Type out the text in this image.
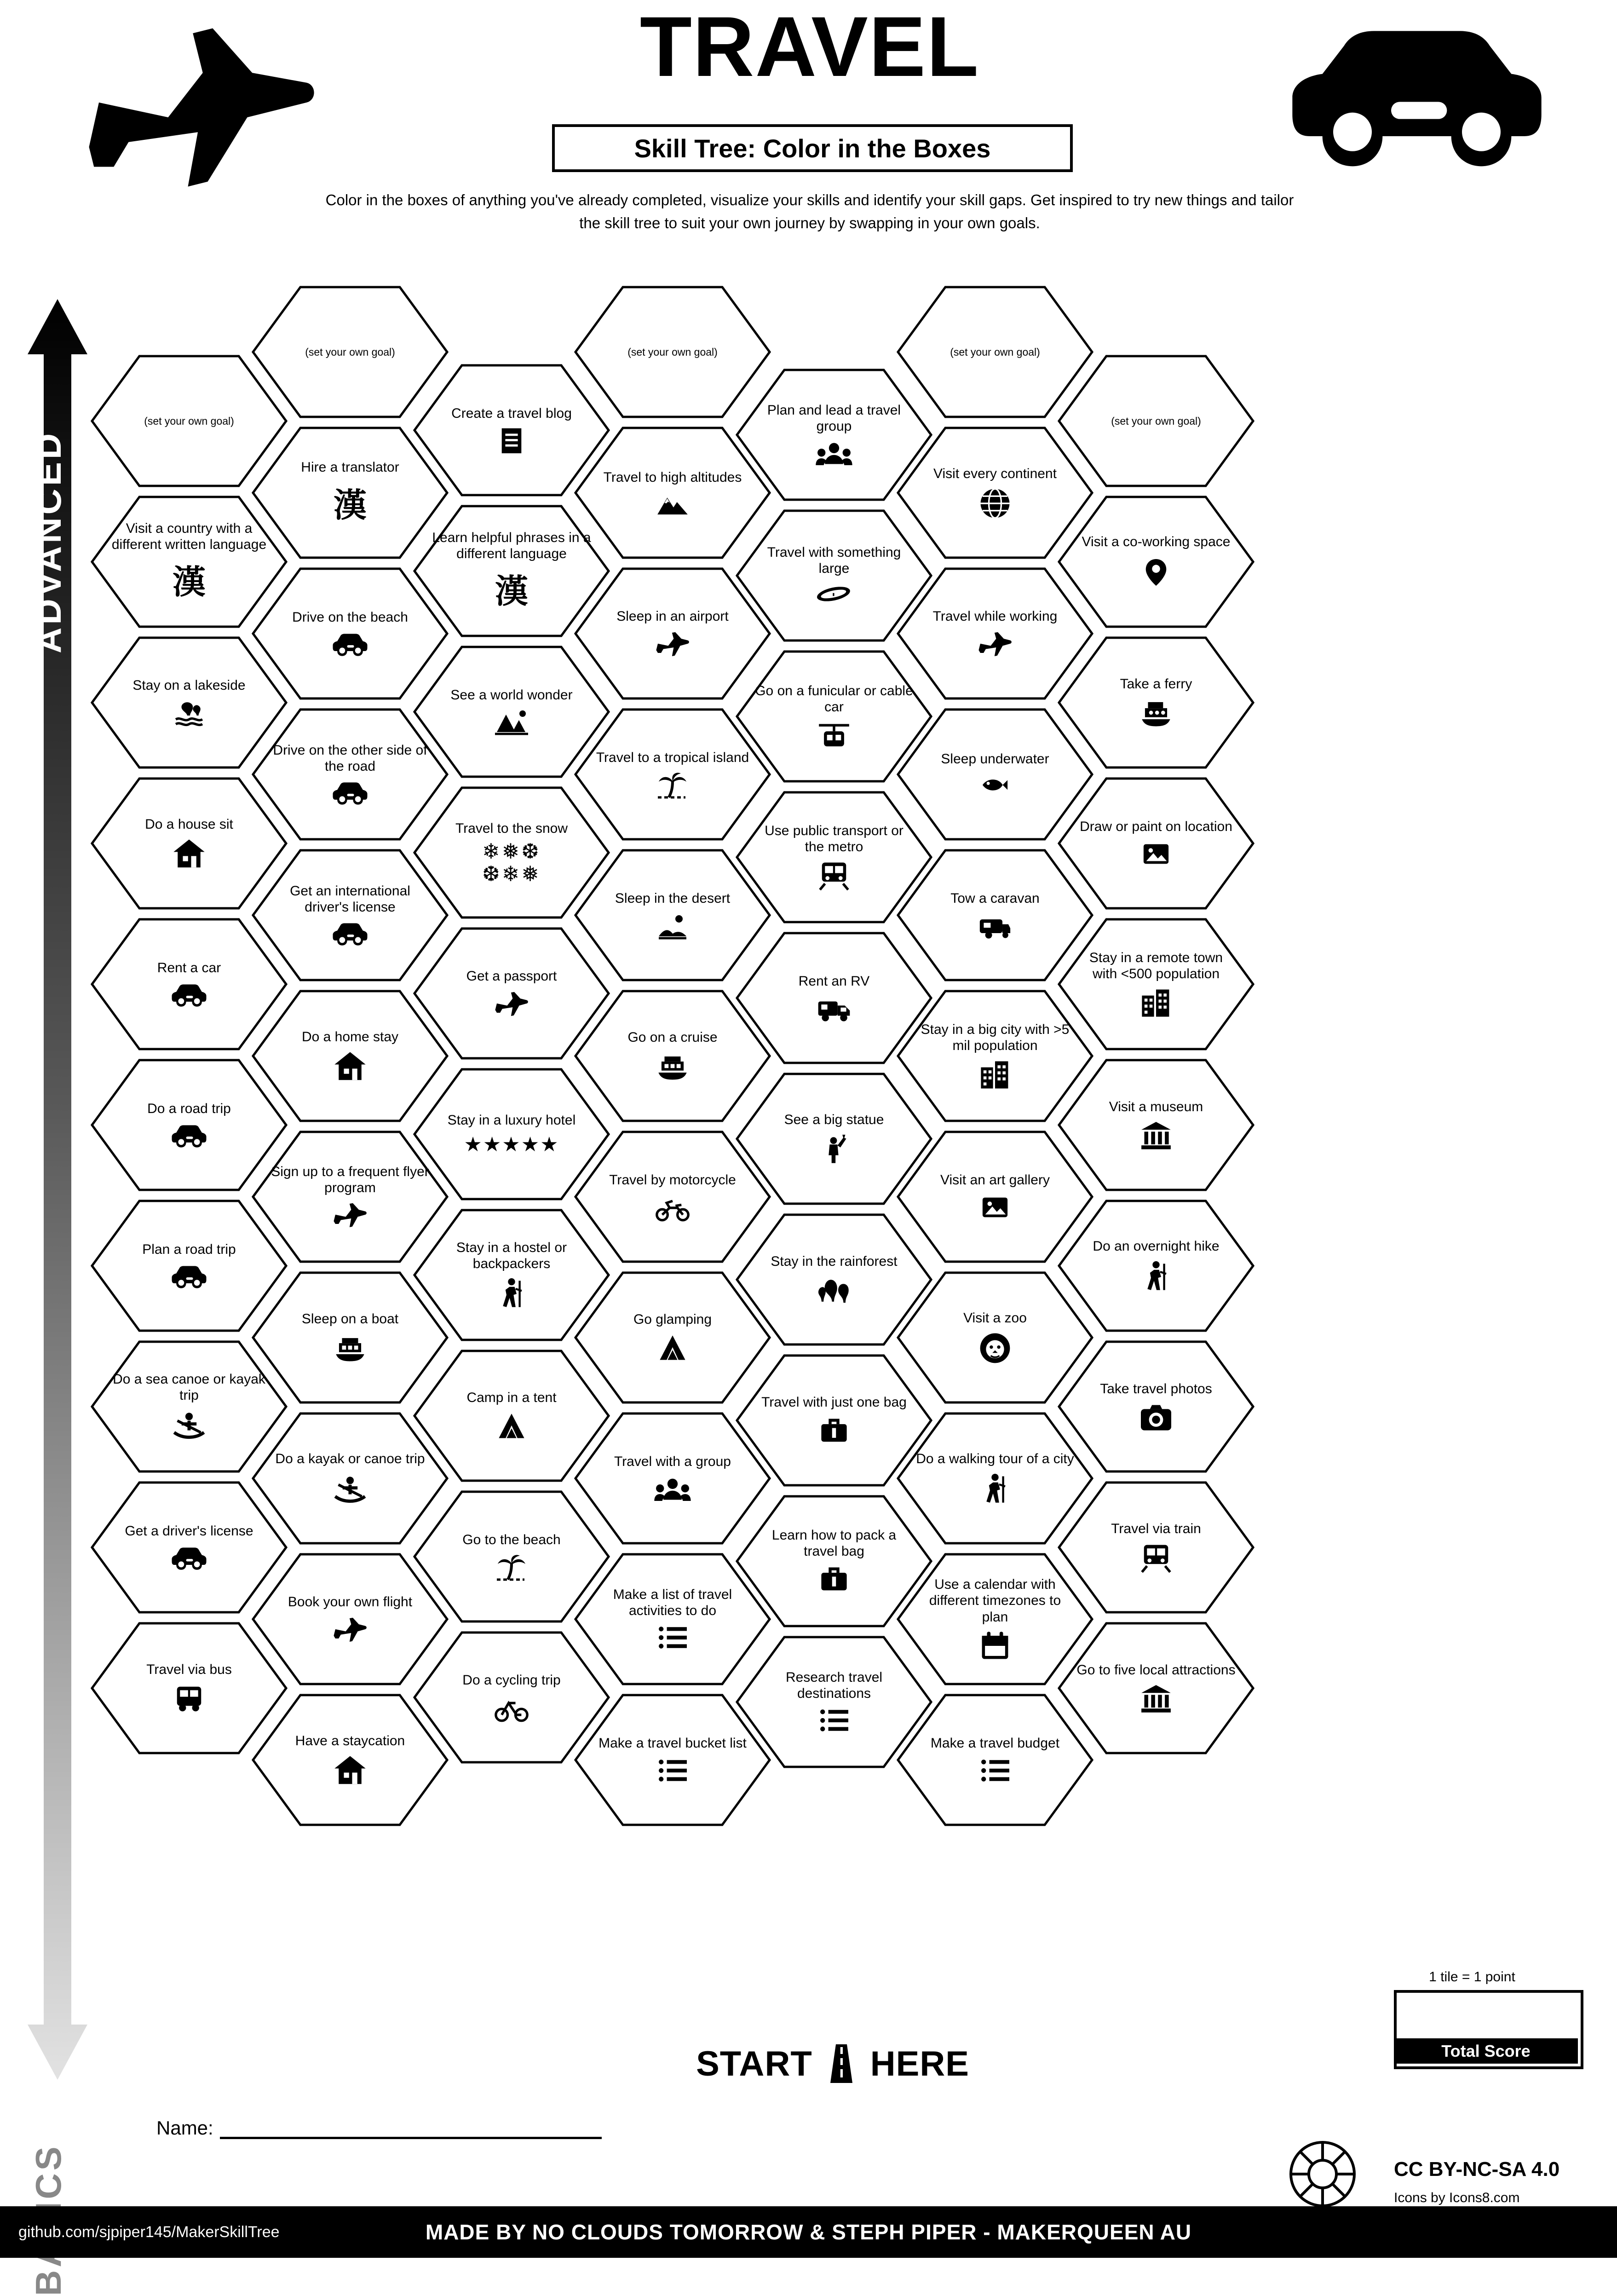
TRAVEL
Skill Tree: Color in the Boxes
Color in the boxes of anything you've already completed, visualize your skills and identify your skill gaps. Get inspired to try new things and tailor the skill tree to suit your own journey by swapping in your own goals.
ADVANCED
(set your own goal)
Visit a country with a different written language
漢
Stay on a lakeside
Do a house sit
Rent a car
Do a road trip
Plan a road trip
Do a sea canoe or kayak trip
Get a driver's license
Travel via bus
(set your own goal)
Hire a translator
漢
Drive on the beach
Drive on the other side of the road
Get an international driver's license
Do a home stay
Sign up to a frequent flyer program
Sleep on a boat
Do a kayak or canoe trip
Book your own flight
Have a staycation
Create a travel blog
Learn helpful phrases in a different language
漢
See a world wonder
Travel to the snow
❄❅❆
❆❄❅
Get a passport
Stay in a luxury hotel
★★★★★
Stay in a hostel or backpackers
Camp in a tent
Go to the beach
Do a cycling trip
(set your own goal)
Travel to high altitudes
Sleep in an airport
Travel to a tropical island
Sleep in the desert
Go on a cruise
Travel by motorcycle
Go glamping
Travel with a group
Make a list of travel activities to do
Make a travel bucket list
Plan and lead a travel group
Travel with something large
Go on a funicular or cable car
Use public transport or the metro
Rent an RV
See a big statue
Stay in the rainforest
Travel with just one bag
Learn how to pack a travel bag
Research travel destinations
(set your own goal)
Visit every continent
Travel while working
Sleep underwater
Tow a caravan
Stay in a big city with >5 mil population
Visit an art gallery
Visit a zoo
Do a walking tour of a city
Use a calendar with different timezones to plan
Make a travel budget
(set your own goal)
Visit a co-working space
Take a ferry
Draw or paint on location
Stay in a remote town with <500 population
Visit a museum
Do an overnight hike
Take travel photos
Travel via train
Go to five local attractions
START HERE
Name:
1 tile = 1 point
Total Score
CC BY-NC-SA 4.0
Icons by Icons8.com
MADE BY NO CLOUDS TOMORROW & STEPH PIPER - MAKERQUEEN AU
github.com/sjpiper145/MakerSkillTree
